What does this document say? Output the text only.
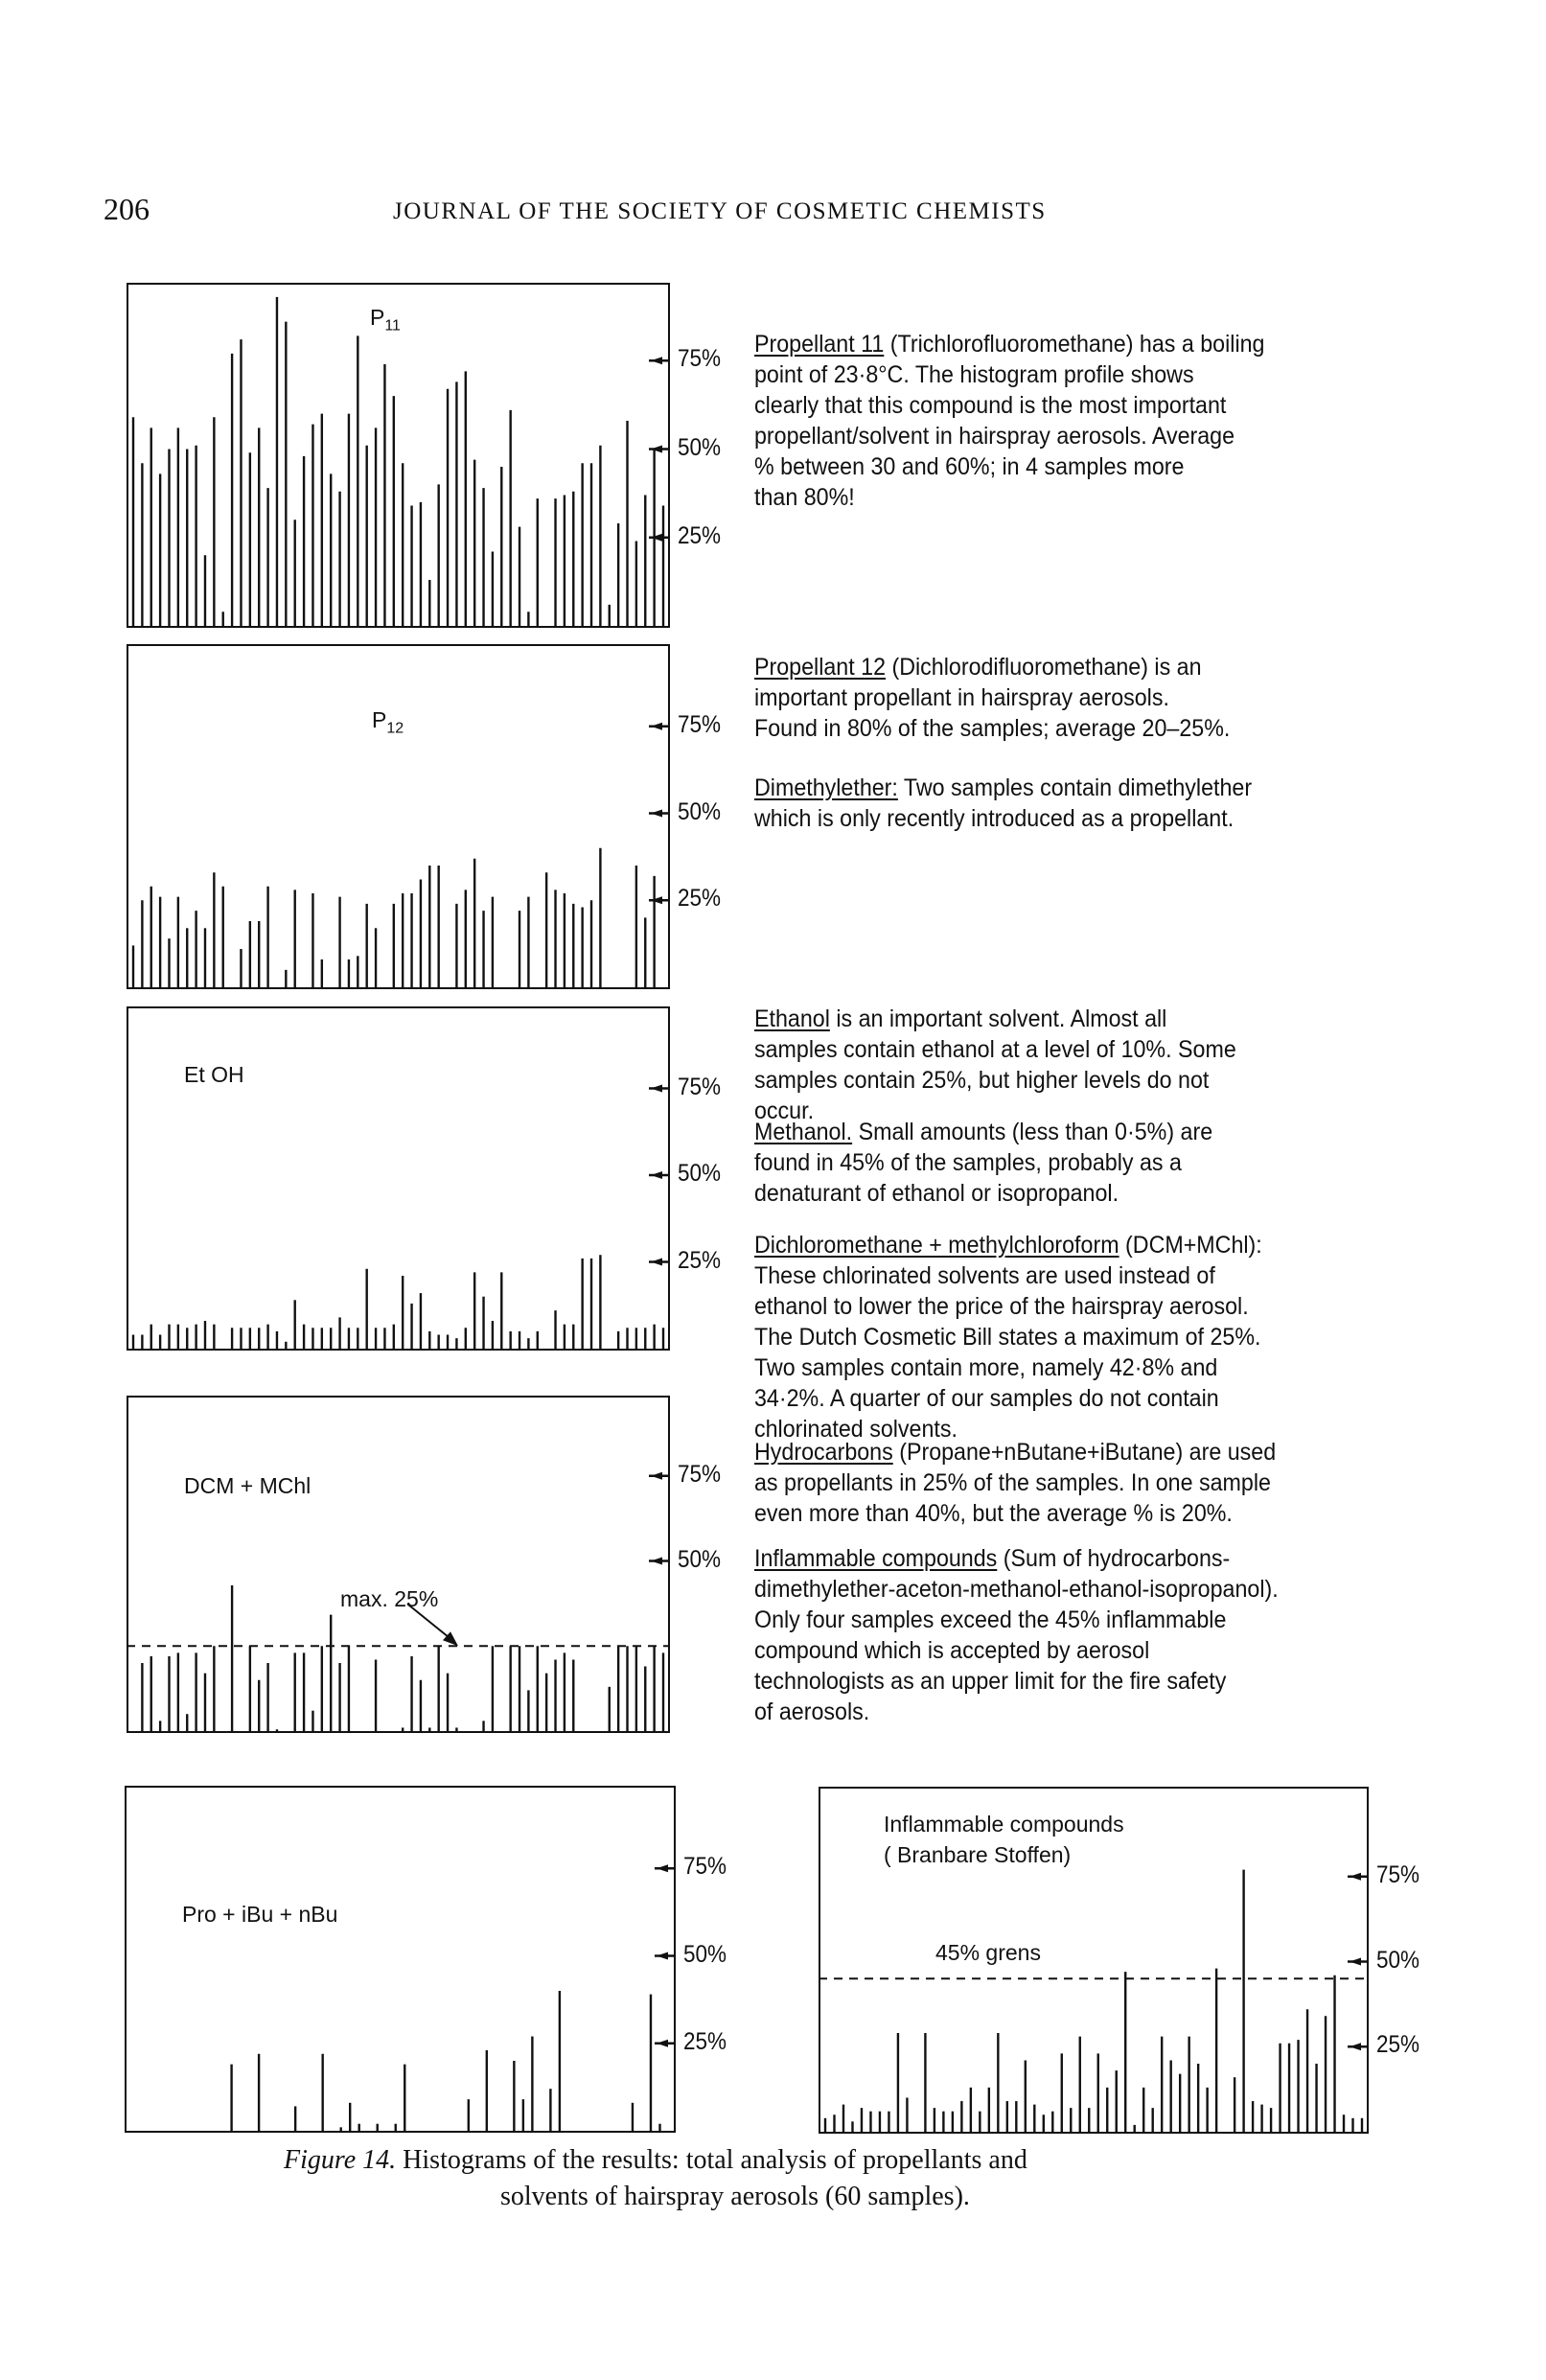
206	JOURNAL OF THE SOCIETY OF COSMETIC CHEMISTS
Figure 14. Histograms of the results: total analysis of propellants and
solvents of hairspray aerosols (60 samples).
Propellant 11 (Trichlorofluoromethane) has a boiling
point of 23·8°C. The histogram profile shows
clearly that this compound is the most important
propellant/solvent in hairspray aerosols. Average
% between 30 and 60%; in 4 samples more
than 80%!
Propellant 12 (Dichlorodifluoromethane) is an
important propellant in hairspray aerosols.
Found in 80% of the samples; average 20–25%.
Dimethylether: Two samples contain dimethylether
which is only recently introduced as a propellant.
Ethanol is an important solvent. Almost all
samples contain ethanol at a level of 10%. Some
samples contain 25%, but higher levels do not
occur.
Methanol. Small amounts (less than 0·5%) are
found in 45% of the samples, probably as a
denaturant of ethanol or isopropanol.
Dichloromethane + methylchloroform (DCM+MChl):
These chlorinated solvents are used instead of
ethanol to lower the price of the hairspray aerosol.
The Dutch Cosmetic Bill states a maximum of 25%.
Two samples contain more, namely 42·8% and
34·2%. A quarter of our samples do not contain
chlorinated solvents.
Hydrocarbons (Propane+nButane+iButane) are used
as propellants in 25% of the samples. In one sample
even more than 40%, but the average % is 20%.
Inflammable compounds (Sum of hydrocarbons-
dimethylether-aceton-methanol-ethanol-isopropanol).
Only four samples exceed the 45% inflammable
compound which is accepted by aerosol
technologists as an upper limit for the fire safety
of aerosols.
75%
50%
25%
$P_{11}$
75%
50%
25%
$P_{12}$
75%
50%
25%
Et OH
75%
50%
DCM + MChl
max. 25%
75%
50%
25%
Pro + iBu + nBu
75%
50%
25%
Inflammable compounds
( Branbare Stoffen)
45% grens
